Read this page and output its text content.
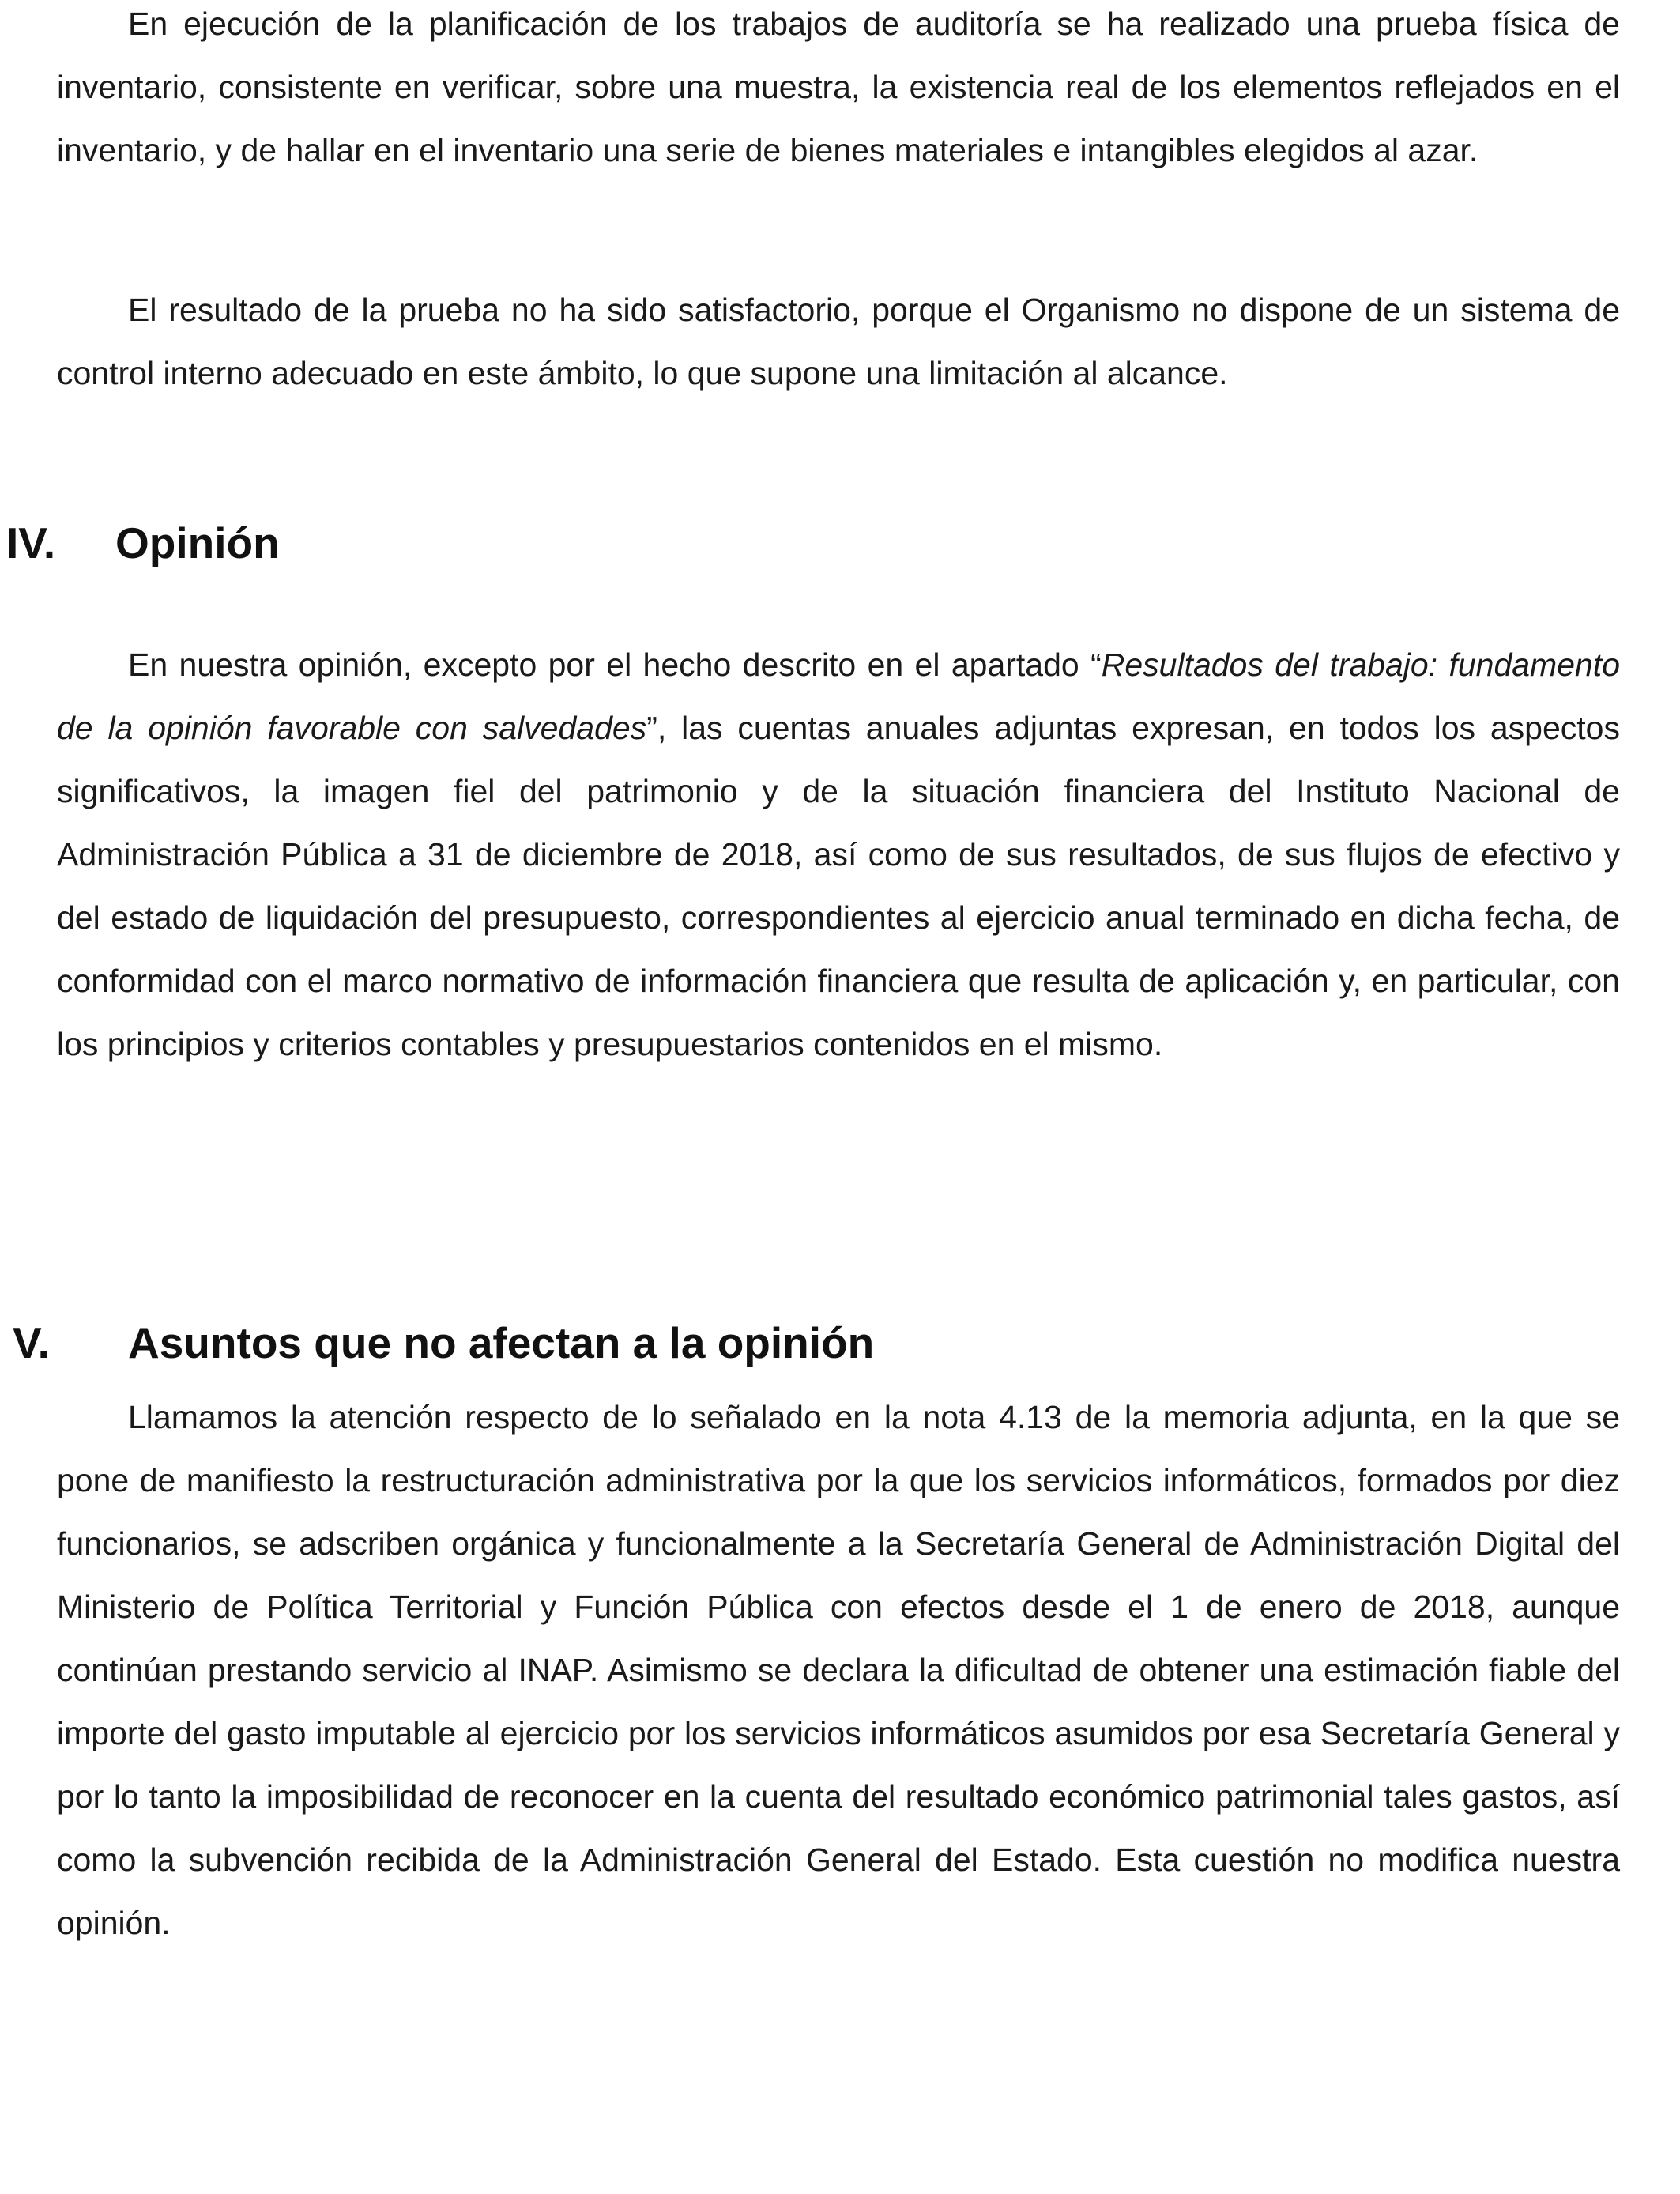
En ejecución de la planificación de los trabajos de auditoría se ha realizado una prueba física de inventario, consistente en verificar, sobre una muestra, la existencia real de los elementos reflejados en el inventario, y de hallar en el inventario una serie de bienes materiales e intangibles elegidos al azar.

El resultado de la prueba no ha sido satisfactorio, porque el Organismo no dispone de un sistema de control interno adecuado en este ámbito, lo que supone una limitación al alcance.

IV. Opinión

En nuestra opinión, excepto por el hecho descrito en el apartado “Resultados del trabajo: fundamento de la opinión favorable con salvedades”, las cuentas anuales adjuntas expresan, en todos los aspectos significativos, la imagen fiel del patrimonio y de la situación financiera del Instituto Nacional de Administración Pública a 31 de diciembre de 2018, así como de sus resultados, de sus flujos de efectivo y del estado de liquidación del presupuesto, correspondientes al ejercicio anual terminado en dicha fecha, de conformidad con el marco normativo de información financiera que resulta de aplicación y, en particular, con los principios y criterios contables y presupuestarios contenidos en el mismo.

V. Asuntos que no afectan a la opinión

Llamamos la atención respecto de lo señalado en la nota 4.13 de la memoria adjunta, en la que se pone de manifiesto la restructuración administrativa por la que los servicios informáticos, formados por diez funcionarios, se adscriben orgánica y funcionalmente a la Secretaría General de Administración Digital del Ministerio de Política Territorial y Función Pública con efectos desde el 1 de enero de 2018, aunque continúan prestando servicio al INAP. Asimismo se declara la dificultad de obtener una estimación fiable del importe del gasto imputable al ejercicio por los servicios informáticos asumidos por esa Secretaría General y por lo tanto la imposibilidad de reconocer en la cuenta del resultado económico patrimonial tales gastos, así como la subvención recibida de la Administración General del Estado. Esta cuestión no modifica nuestra opinión.
